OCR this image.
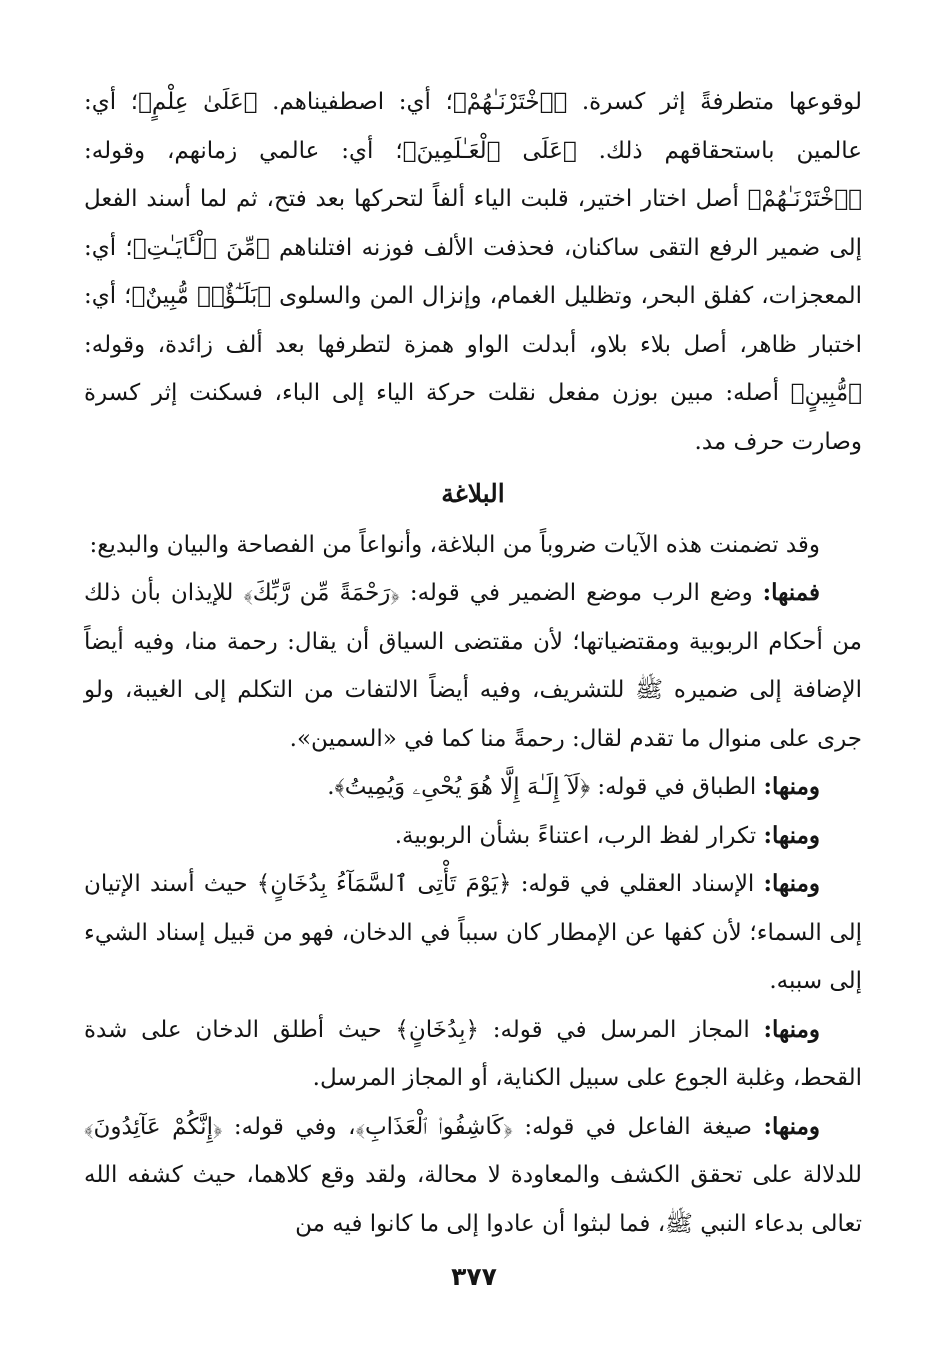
لوقوعها متطرفةً إثر كسرة. ﴿ٱخْتَرْنَـٰهُمْ﴾؛ أي: اصطفيناهم. ﴿عَلَىٰ عِلْمٍ﴾؛ أي: عالمين باستحقاقهم ذلك. ﴿عَلَى ٱلْعَـٰلَمِينَ﴾؛ أي: عالمي زمانهم، وقوله: ﴿ٱخْتَرْنَـٰهُمْ﴾ أصل اختار اختير، قلبت الياء ألفاً لتحركها بعد فتح، ثم لما أسند الفعل إلى ضمير الرفع التقى ساكنان، فحذفت الألف فوزنه افتلناهم ﴿مِّنَ ٱلْـَٔايَـٰتِ﴾؛ أي: المعجزات، كفلق البحر، وتظليل الغمام، وإنزال المن والسلوى ﴿بَلَـٰٓؤٌا۟ مُّبِينٌ﴾؛ أي: اختبار ظاهر، أصل بلاء بلاو، أبدلت الواو همزة لتطرفها بعد ألف زائدة، وقوله: ﴿مُّبِينٍ﴾ أصله: مبين بوزن مفعل نقلت حركة الياء إلى الباء، فسكنت إثر كسرة وصارت حرف مد.

البلاغة

وقد تضمنت هذه الآيات ضروباً من البلاغة، وأنواعاً من الفصاحة والبيان والبديع:

فمنها: وضع الرب موضع الضمير في قوله: ﴿رَحْمَةً مِّن رَّبِّكَ﴾ للإيذان بأن ذلك من أحكام الربوبية ومقتضياتها؛ لأن مقتضى السياق أن يقال: رحمة منا، وفيه أيضاً الإضافة إلى ضميره ﷺ للتشريف، وفيه أيضاً الالتفات من التكلم إلى الغيبة، ولو جرى على منوال ما تقدم لقال: رحمةً منا كما في «السمين».

ومنها: الطباق في قوله: ﴿لَآ إِلَـٰهَ إِلَّا هُوَ يُحْىِۦ وَيُمِيتُ﴾.

ومنها: تكرار لفظ الرب، اعتناءً بشأن الربوبية.

ومنها: الإسناد العقلي في قوله: ﴿يَوْمَ تَأْتِى ٱلسَّمَآءُ بِدُخَانٍ﴾ حيث أسند الإتيان إلى السماء؛ لأن كفها عن الإمطار كان سبباً في الدخان، فهو من قبيل إسناد الشيء إلى سببه.

ومنها: المجاز المرسل في قوله: ﴿بِدُخَانٍ﴾ حيث أطلق الدخان على شدة القحط، وغلبة الجوع على سبيل الكناية، أو المجاز المرسل.

ومنها: صيغة الفاعل في قوله: ﴿كَاشِفُوا۟ ٱلْعَذَابِ﴾، وفي قوله: ﴿إِنَّكُمْ عَآئِدُونَ﴾ للدلالة على تحقق الكشف والمعاودة لا محالة، ولقد وقع كلاهما، حيث كشفه الله تعالى بدعاء النبي ﷺ، فما لبثوا أن عادوا إلى ما كانوا فيه من

٣٧٧
